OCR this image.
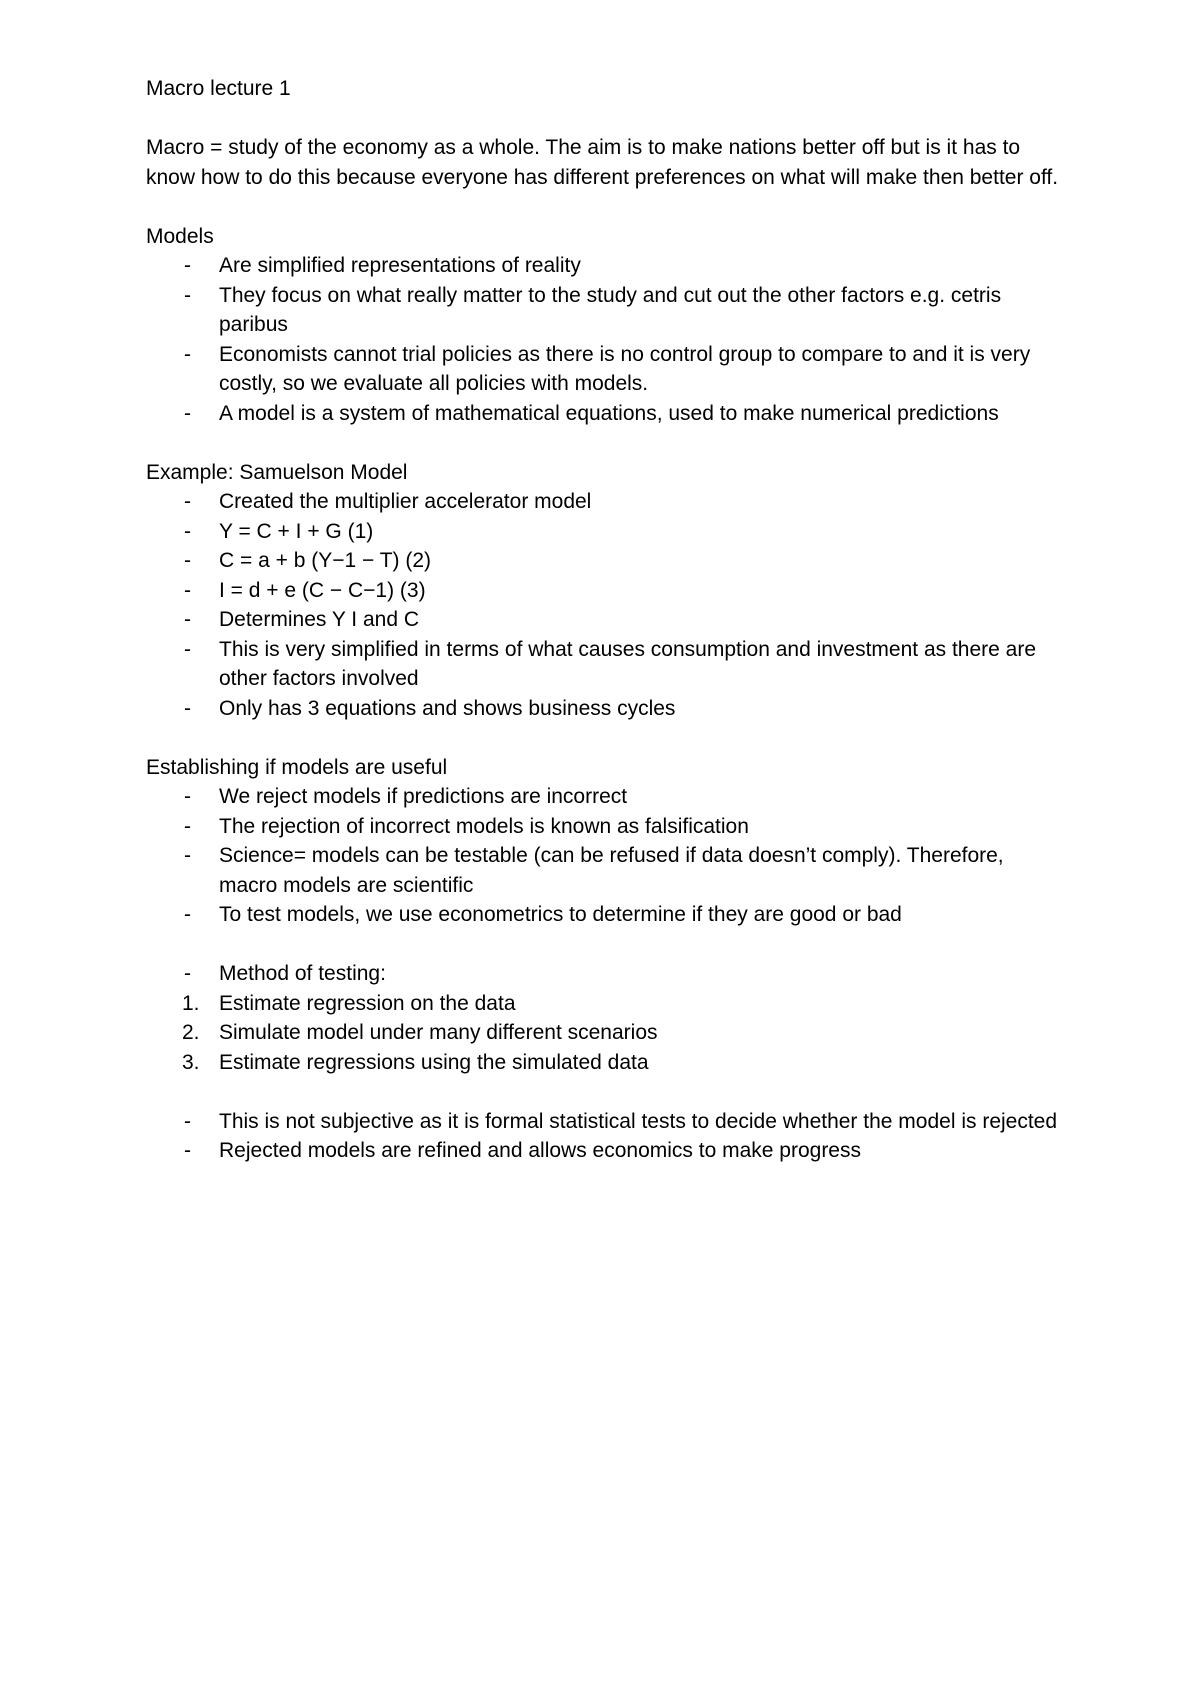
Macro lecture 1
Macro = study of the economy as a whole. The aim is to make nations better off but is it has to know how to do this because everyone has different preferences on what will make then better off.
Models
- Are simplified representations of reality
- They focus on what really matter to the study and cut out the other factors e.g. cetris paribus
- Economists cannot trial policies as there is no control group to compare to and it is very costly, so we evaluate all policies with models.
- A model is a system of mathematical equations, used to make numerical predictions
Example: Samuelson Model
- Created the multiplier accelerator model
- Y = C + I + G (1)
- C = a + b (Y−1 − T) (2)
- I = d + e (C − C−1) (3)
- Determines Y I and C
- This is very simplified in terms of what causes consumption and investment as there are other factors involved
- Only has 3 equations and shows business cycles
Establishing if models are useful
- We reject models if predictions are incorrect
- The rejection of incorrect models is known as falsification
- Science= models can be testable (can be refused if data doesn’t comply). Therefore, macro models are scientific
- To test models, we use econometrics to determine if they are good or bad
- Method of testing:
1. Estimate regression on the data
2. Simulate model under many different scenarios
3. Estimate regressions using the simulated data
- This is not subjective as it is formal statistical tests to decide whether the model is rejected
- Rejected models are refined and allows economics to make progress
